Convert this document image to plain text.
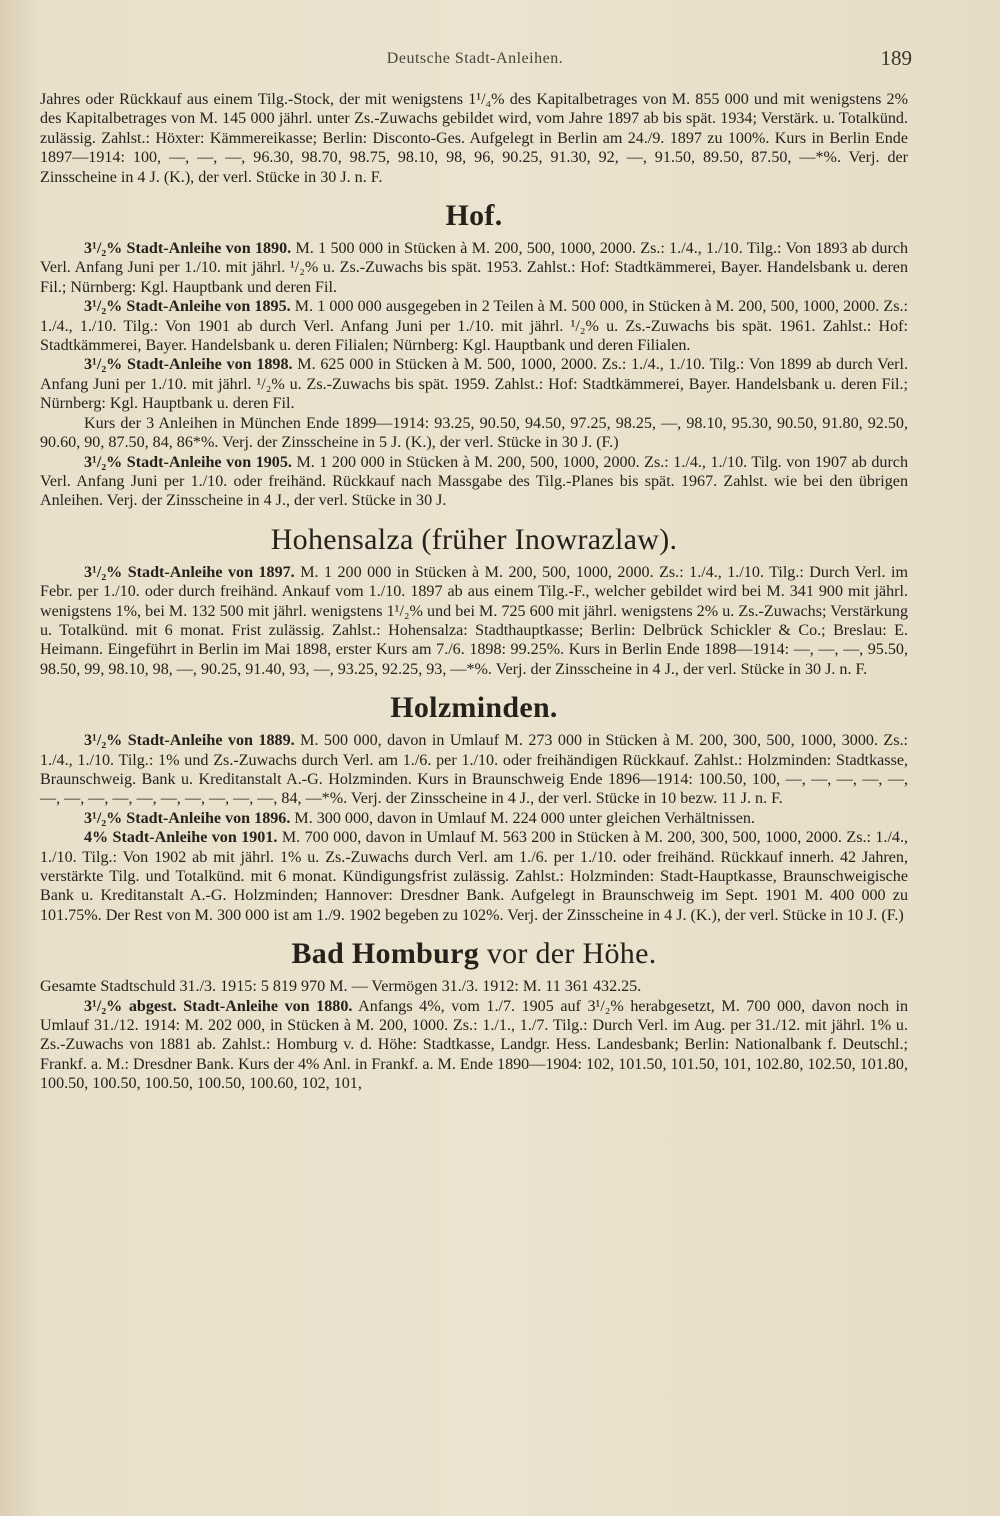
Deutsche Stadt-Anleihen.	189

Jahres oder Rückkauf aus einem Tilg.-Stock, der mit wenigstens 1¹/₄% des Kapitalbetrages von M. 855 000 und mit wenigstens 2% des Kapitalbetrages von M. 145 000 jährl. unter Zs.-Zuwachs gebildet wird, vom Jahre 1897 ab bis spät. 1934; Verstärk. u. Totalkünd. zulässig. Zahlst.: Höxter: Kämmereikasse; Berlin: Disconto-Ges. Aufgelegt in Berlin am 24./9. 1897 zu 100%. Kurs in Berlin Ende 1897—1914: 100, —, —, —, 96.30, 98.70, 98.75, 98.10, 98, 96, 90.25, 91.30, 92, —, 91.50, 89.50, 87.50, —*%. Verj. der Zinsscheine in 4 J. (K.), der verl. Stücke in 30 J. n. F.

Hof.

3¹/₂% Stadt-Anleihe von 1890. M. 1 500 000 in Stücken à M. 200, 500, 1000, 2000. Zs.: 1./4., 1./10. Tilg.: Von 1893 ab durch Verl. Anfang Juni per 1./10. mit jährl. ¹/₂% u. Zs.-Zuwachs bis spät. 1953. Zahlst.: Hof: Stadtkämmerei, Bayer. Handelsbank u. deren Fil.; Nürnberg: Kgl. Hauptbank und deren Fil.

3¹/₂% Stadt-Anleihe von 1895. M. 1 000 000 ausgegeben in 2 Teilen à M. 500 000, in Stücken à M. 200, 500, 1000, 2000. Zs.: 1./4., 1./10. Tilg.: Von 1901 ab durch Verl. Anfang Juni per 1./10. mit jährl. ¹/₂% u. Zs.-Zuwachs bis spät. 1961. Zahlst.: Hof: Stadtkämmerei, Bayer. Handelsbank u. deren Filialen; Nürnberg: Kgl. Hauptbank und deren Filialen.

3¹/₂% Stadt-Anleihe von 1898. M. 625 000 in Stücken à M. 500, 1000, 2000. Zs.: 1./4., 1./10. Tilg.: Von 1899 ab durch Verl. Anfang Juni per 1./10. mit jährl. ¹/₂% u. Zs.-Zuwachs bis spät. 1959. Zahlst.: Hof: Stadtkämmerei, Bayer. Handelsbank u. deren Fil.; Nürnberg: Kgl. Hauptbank u. deren Fil.

Kurs der 3 Anleihen in München Ende 1899—1914: 93.25, 90.50, 94.50, 97.25, 98.25, —, 98.10, 95.30, 90.50, 91.80, 92.50, 90.60, 90, 87.50, 84, 86*%. Verj. der Zinsscheine in 5 J. (K.), der verl. Stücke in 30 J. (F.)

3¹/₂% Stadt-Anleihe von 1905. M. 1 200 000 in Stücken à M. 200, 500, 1000, 2000. Zs.: 1./4., 1./10. Tilg. von 1907 ab durch Verl. Anfang Juni per 1./10. oder freihänd. Rückkauf nach Massgabe des Tilg.-Planes bis spät. 1967. Zahlst. wie bei den übrigen Anleihen. Verj. der Zinsscheine in 4 J., der verl. Stücke in 30 J.

Hohensalza (früher Inowrazlaw).

3¹/₂% Stadt-Anleihe von 1897. M. 1 200 000 in Stücken à M. 200, 500, 1000, 2000. Zs.: 1./4., 1./10. Tilg.: Durch Verl. im Febr. per 1./10. oder durch freihänd. Ankauf vom 1./10. 1897 ab aus einem Tilg.-F., welcher gebildet wird bei M. 341 900 mit jährl. wenigstens 1%, bei M. 132 500 mit jährl. wenigstens 1¹/₂% und bei M. 725 600 mit jährl. wenigstens 2% u. Zs.-Zuwachs; Verstärkung u. Totalkünd. mit 6 monat. Frist zulässig. Zahlst.: Hohensalza: Stadthauptkasse; Berlin: Delbrück Schickler & Co.; Breslau: E. Heimann. Eingeführt in Berlin im Mai 1898, erster Kurs am 7./6. 1898: 99.25%. Kurs in Berlin Ende 1898—1914: —, —, —, 95.50, 98.50, 99, 98.10, 98, —, 90.25, 91.40, 93, —, 93.25, 92.25, 93, —*%. Verj. der Zinsscheine in 4 J., der verl. Stücke in 30 J. n. F.

Holzminden.

3¹/₂% Stadt-Anleihe von 1889. M. 500 000, davon in Umlauf M. 273 000 in Stücken à M. 200, 300, 500, 1000, 3000. Zs.: 1./4., 1./10. Tilg.: 1% und Zs.-Zuwachs durch Verl. am 1./6. per 1./10. oder freihändigen Rückkauf. Zahlst.: Holzminden: Stadtkasse, Braunschweig. Bank u. Kreditanstalt A.-G. Holzminden. Kurs in Braunschweig Ende 1896—1914: 100.50, 100, —, —, —, —, —, —, —, —, —, —, —, —, —, —, —, 84, —*%. Verj. der Zinsscheine in 4 J., der verl. Stücke in 10 bezw. 11 J. n. F.

3¹/₂% Stadt-Anleihe von 1896. M. 300 000, davon in Umlauf M. 224 000 unter gleichen Verhältnissen.

4% Stadt-Anleihe von 1901. M. 700 000, davon in Umlauf M. 563 200 in Stücken à M. 200, 300, 500, 1000, 2000. Zs.: 1./4., 1./10. Tilg.: Von 1902 ab mit jährl. 1% u. Zs.-Zuwachs durch Verl. am 1./6. per 1./10. oder freihänd. Rückkauf innerh. 42 Jahren, verstärkte Tilg. und Totalkünd. mit 6 monat. Kündigungsfrist zulässig. Zahlst.: Holzminden: Stadt-Hauptkasse, Braunschweigische Bank u. Kreditanstalt A.-G. Holzminden; Hannover: Dresdner Bank. Aufgelegt in Braunschweig im Sept. 1901 M. 400 000 zu 101.75%. Der Rest von M. 300 000 ist am 1./9. 1902 begeben zu 102%. Verj. der Zinsscheine in 4 J. (K.), der verl. Stücke in 10 J. (F.)

Bad Homburg vor der Höhe.

Gesamte Stadtschuld 31./3. 1915: 5 819 970 M. — Vermögen 31./3. 1912: M. 11 361 432.25.

3¹/₂% abgest. Stadt-Anleihe von 1880. Anfangs 4%, vom 1./7. 1905 auf 3¹/₂% herabgesetzt, M. 700 000, davon noch in Umlauf 31./12. 1914: M. 202 000, in Stücken à M. 200, 1000. Zs.: 1./1., 1./7. Tilg.: Durch Verl. im Aug. per 31./12. mit jährl. 1% u. Zs.-Zuwachs von 1881 ab. Zahlst.: Homburg v. d. Höhe: Stadtkasse, Landgr. Hess. Landesbank; Berlin: Nationalbank f. Deutschl.; Frankf. a. M.: Dresdner Bank. Kurs der 4% Anl. in Frankf. a. M. Ende 1890—1904: 102, 101.50, 101.50, 101, 102.80, 102.50, 101.80, 100.50, 100.50, 100.50, 100.50, 100.60, 102, 101,
